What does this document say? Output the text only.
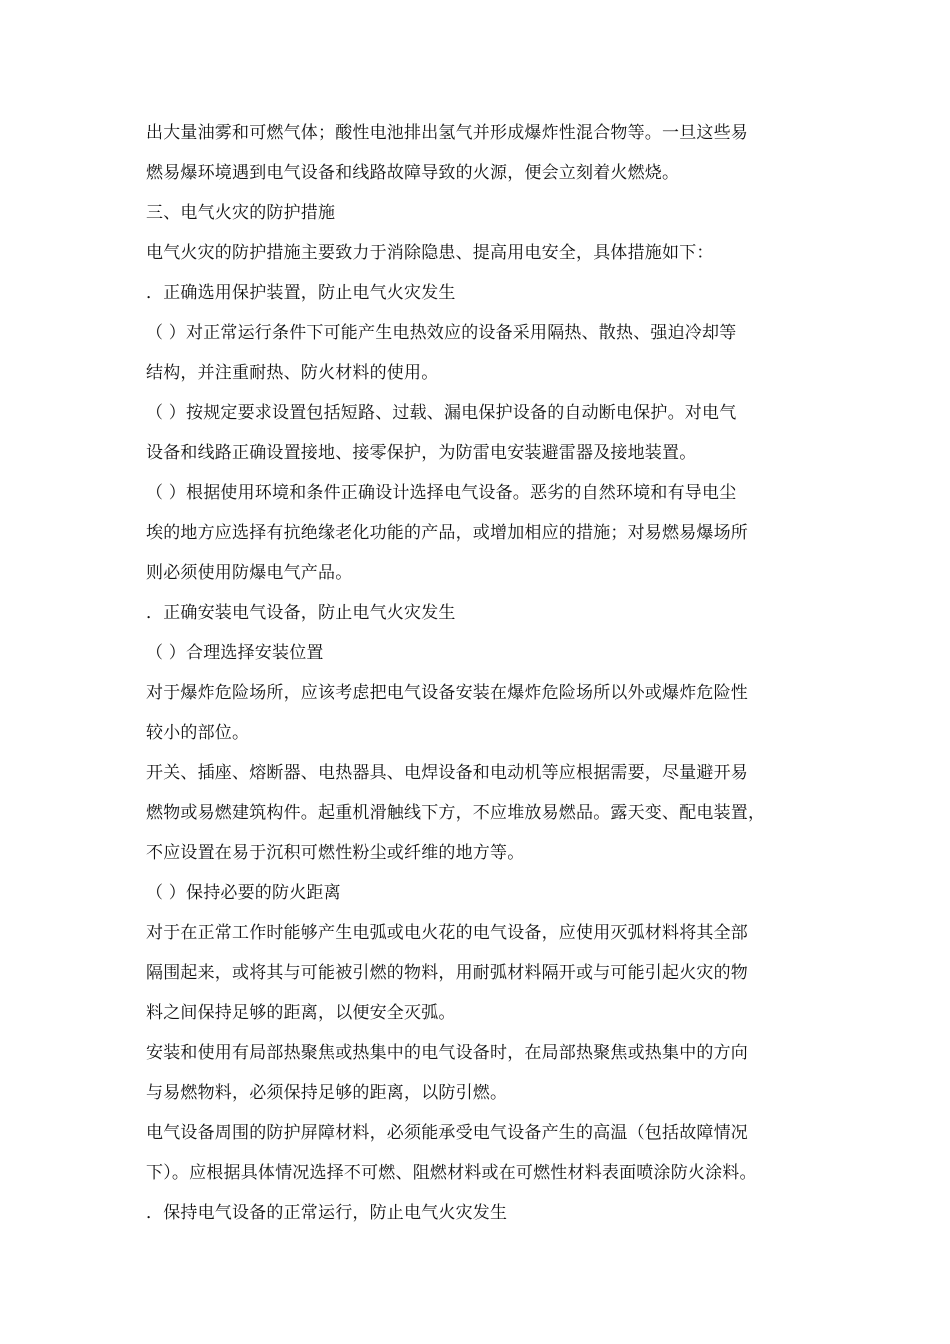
出大量油雾和可燃气体；酸性电池排出氢气并形成爆炸性混合物等。一旦这些易
燃易爆环境遇到电气设备和线路故障导致的火源，便会立刻着火燃烧。
三、电气火灾的防护措施
电气火灾的防护措施主要致力于消除隐患、提高用电安全，具体措施如下：
．正确选用保护装置，防止电气火灾发生
（ ）对正常运行条件下可能产生电热效应的设备采用隔热、散热、强迫冷却等
结构，并注重耐热、防火材料的使用。
（ ）按规定要求设置包括短路、过载、漏电保护设备的自动断电保护。对电气
设备和线路正确设置接地、接零保护，为防雷电安装避雷器及接地装置。
（ ）根据使用环境和条件正确设计选择电气设备。恶劣的自然环境和有导电尘
埃的地方应选择有抗绝缘老化功能的产品，或增加相应的措施；对易燃易爆场所
则必须使用防爆电气产品。
．正确安装电气设备，防止电气火灾发生
（ ）合理选择安装位置
对于爆炸危险场所，应该考虑把电气设备安装在爆炸危险场所以外或爆炸危险性
较小的部位。
开关、插座、熔断器、电热器具、电焊设备和电动机等应根据需要，尽量避开易
燃物或易燃建筑构件。起重机滑触线下方，不应堆放易燃品。露天变、配电装置，
不应设置在易于沉积可燃性粉尘或纤维的地方等。
（ ）保持必要的防火距离
对于在正常工作时能够产生电弧或电火花的电气设备，应使用灭弧材料将其全部
隔围起来，或将其与可能被引燃的物料，用耐弧材料隔开或与可能引起火灾的物
料之间保持足够的距离，以便安全灭弧。
安装和使用有局部热聚焦或热集中的电气设备时，在局部热聚焦或热集中的方向
与易燃物料，必须保持足够的距离，以防引燃。
电气设备周围的防护屏障材料，必须能承受电气设备产生的高温（包括故障情况
下）。应根据具体情况选择不可燃、阻燃材料或在可燃性材料表面喷涂防火涂料。
．保持电气设备的正常运行，防止电气火灾发生
